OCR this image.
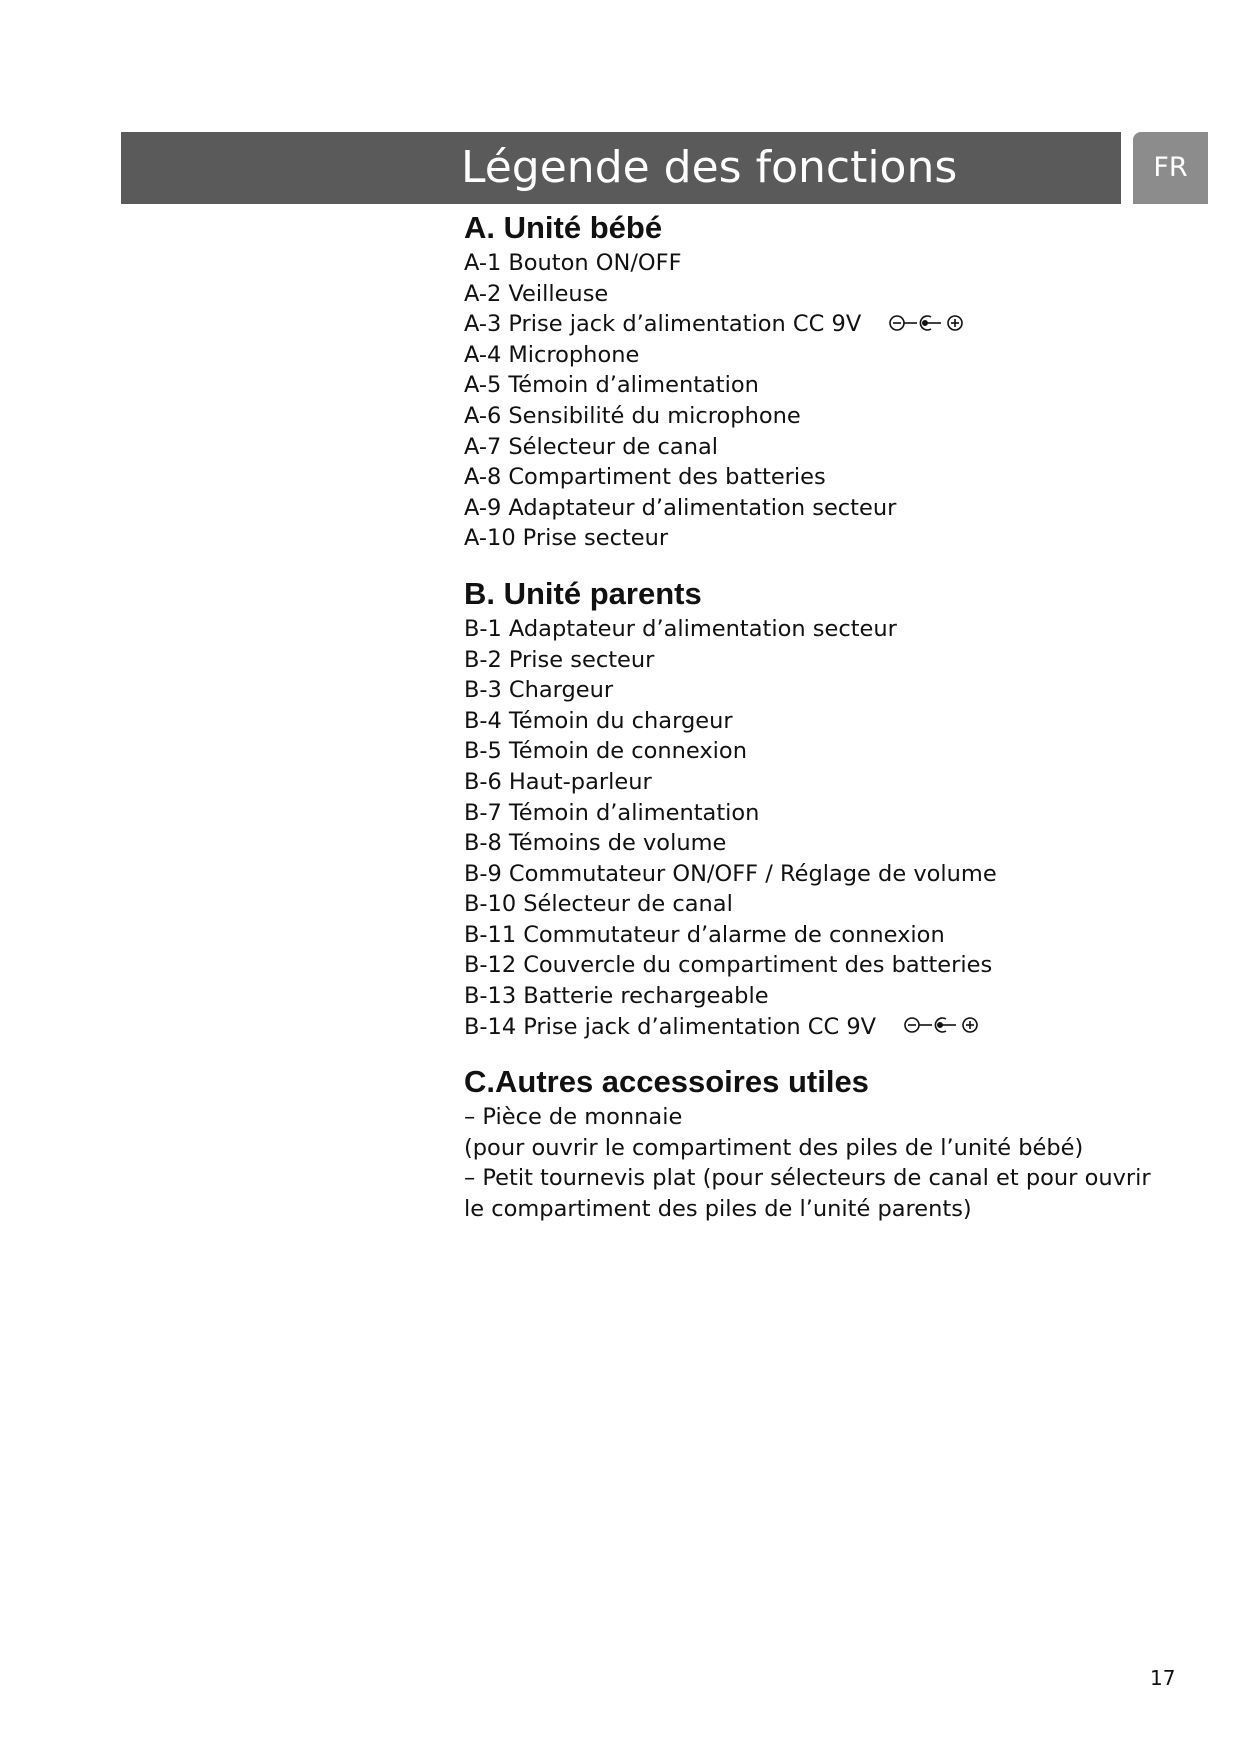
Légende des fonctions	FR
A. Unité bébé
A-1 Bouton ON/OFF
A-2 Veilleuse
A-3 Prise jack d’alimentation CC 9V
A-4 Microphone
A-5 Témoin d’alimentation
A-6 Sensibilité du microphone
A-7 Sélecteur de canal
A-8 Compartiment des batteries
A-9 Adaptateur d’alimentation secteur
A-10 Prise secteur
B. Unité parents
B-1 Adaptateur d’alimentation secteur
B-2 Prise secteur
B-3 Chargeur
B-4 Témoin du chargeur
B-5 Témoin de connexion
B-6 Haut-parleur
B-7 Témoin d’alimentation
B-8 Témoins de volume
B-9 Commutateur ON/OFF / Réglage de volume
B-10 Sélecteur de canal
B-11 Commutateur d’alarme de connexion
B-12 Couvercle du compartiment des batteries
B-13 Batterie rechargeable
B-14 Prise jack d’alimentation CC 9V
C.Autres accessoires utiles
– Pièce de monnaie
(pour ouvrir le compartiment des piles de l’unité bébé)
– Petit tournevis plat (pour sélecteurs de canal et pour ouvrir
le compartiment des piles de l’unité parents)
17
